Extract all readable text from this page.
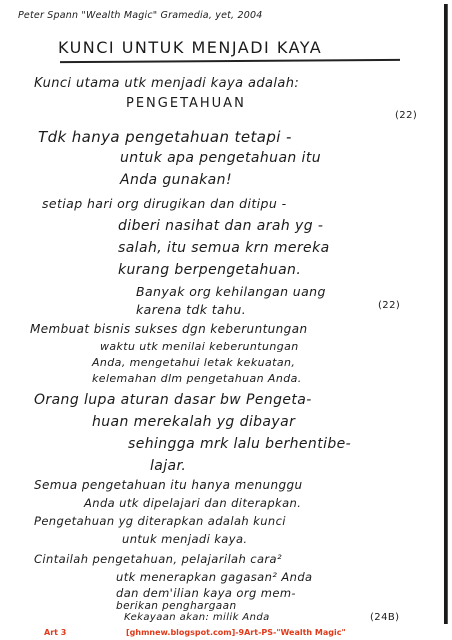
Peter Spann "Wealth Magic" Gramedia, yet, 2004
KUNCI UNTUK MENJADI KAYA
Kunci utama utk menjadi kaya adalah:
PENGETAHUAN
(22)
Tdk hanya pengetahuan tetapi -
untuk apa pengetahuan itu
Anda gunakan!
setiap hari org dirugikan dan ditipu -
diberi nasihat dan arah yg -
salah, itu semua krn mereka
kurang berpengetahuan.
Banyak org kehilangan uang
karena tdk tahu.	(22)
Membuat bisnis sukses dgn keberuntungan
waktu utk menilai keberuntungan
Anda, mengetahui letak kekuatan,
kelemahan dlm pengetahuan Anda.
Orang lupa aturan dasar bw Pengeta-
huan merekalah yg dibayar
sehingga mrk lalu berhentibe-
lajar.
Semua pengetahuan itu hanya menunggu
Anda utk dipelajari dan diterapkan.
Pengetahuan yg diterapkan adalah kunci
untuk menjadi kaya.
Cintailah pengetahuan, pelajarilah cara²
utk menerapkan gagasan² Anda
dan dem'ilian kaya org mem-
berikan penghargaan
Kekayaan akan: milik Anda	(24B)
Art 3	[ghmnew.blogspot.com]-9Art-PS-"Wealth Magic"
